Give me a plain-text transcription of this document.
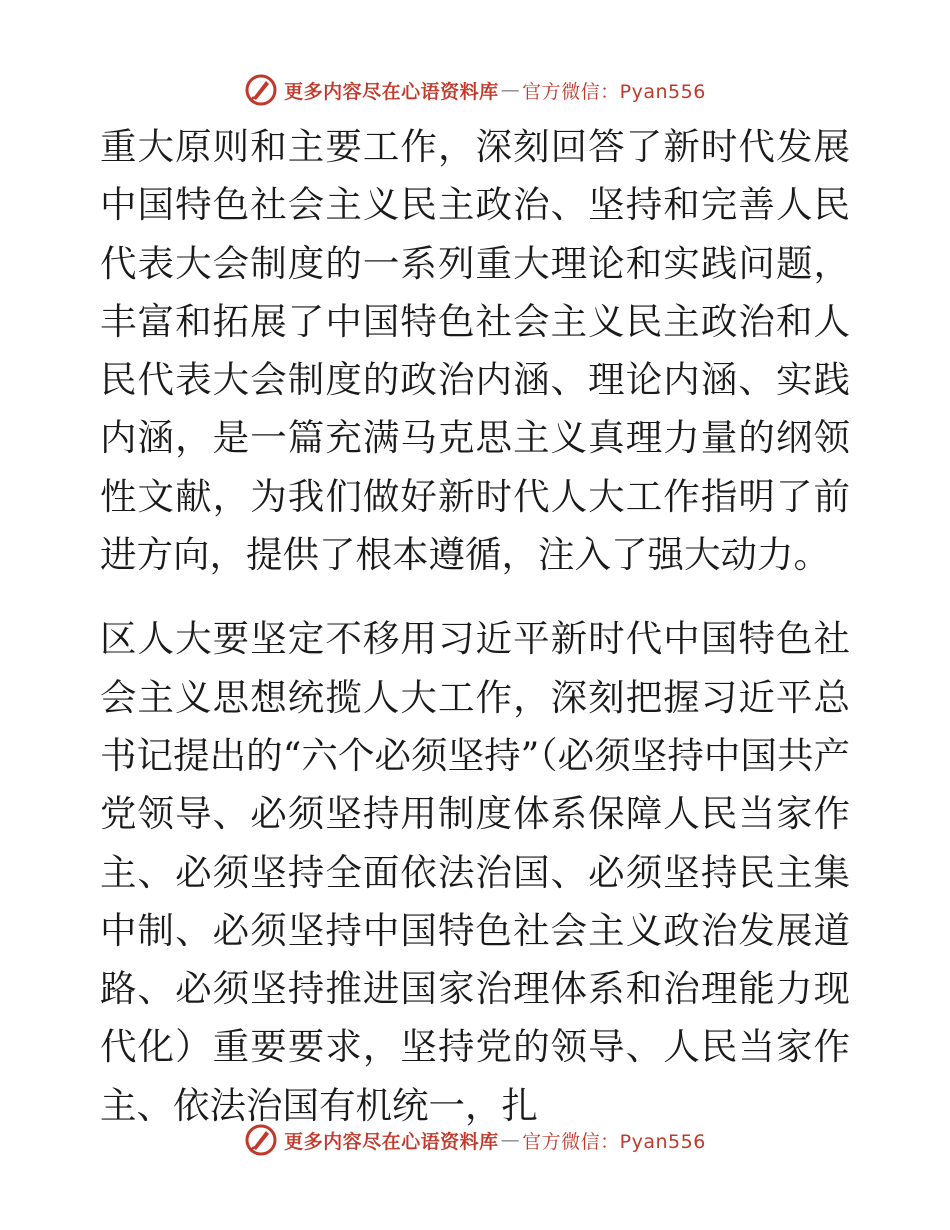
更多内容尽在心语资料库 — 官方微信：Pyan556

重大原则和主要工作，深刻回答了新时代发展中国特色社会主义民主政治、坚持和完善人民代表大会制度的一系列重大理论和实践问题，丰富和拓展了中国特色社会主义民主政治和人民代表大会制度的政治内涵、理论内涵、实践内涵，是一篇充满马克思主义真理力量的纲领性文献，为我们做好新时代人大工作指明了前进方向，提供了根本遵循，注入了强大动力。

区人大要坚定不移用习近平新时代中国特色社会主义思想统揽人大工作，深刻把握习近平总书记提出的“六个必须坚持”（必须坚持中国共产党领导、必须坚持用制度体系保障人民当家作主、必须坚持全面依法治国、必须坚持民主集中制、必须坚持中国特色社会主义政治发展道路、必须坚持推进国家治理体系和治理能力现代化）重要要求，坚持党的领导、人民当家作主、依法治国有机统一，扎

更多内容尽在心语资料库 — 官方微信：Pyan556
